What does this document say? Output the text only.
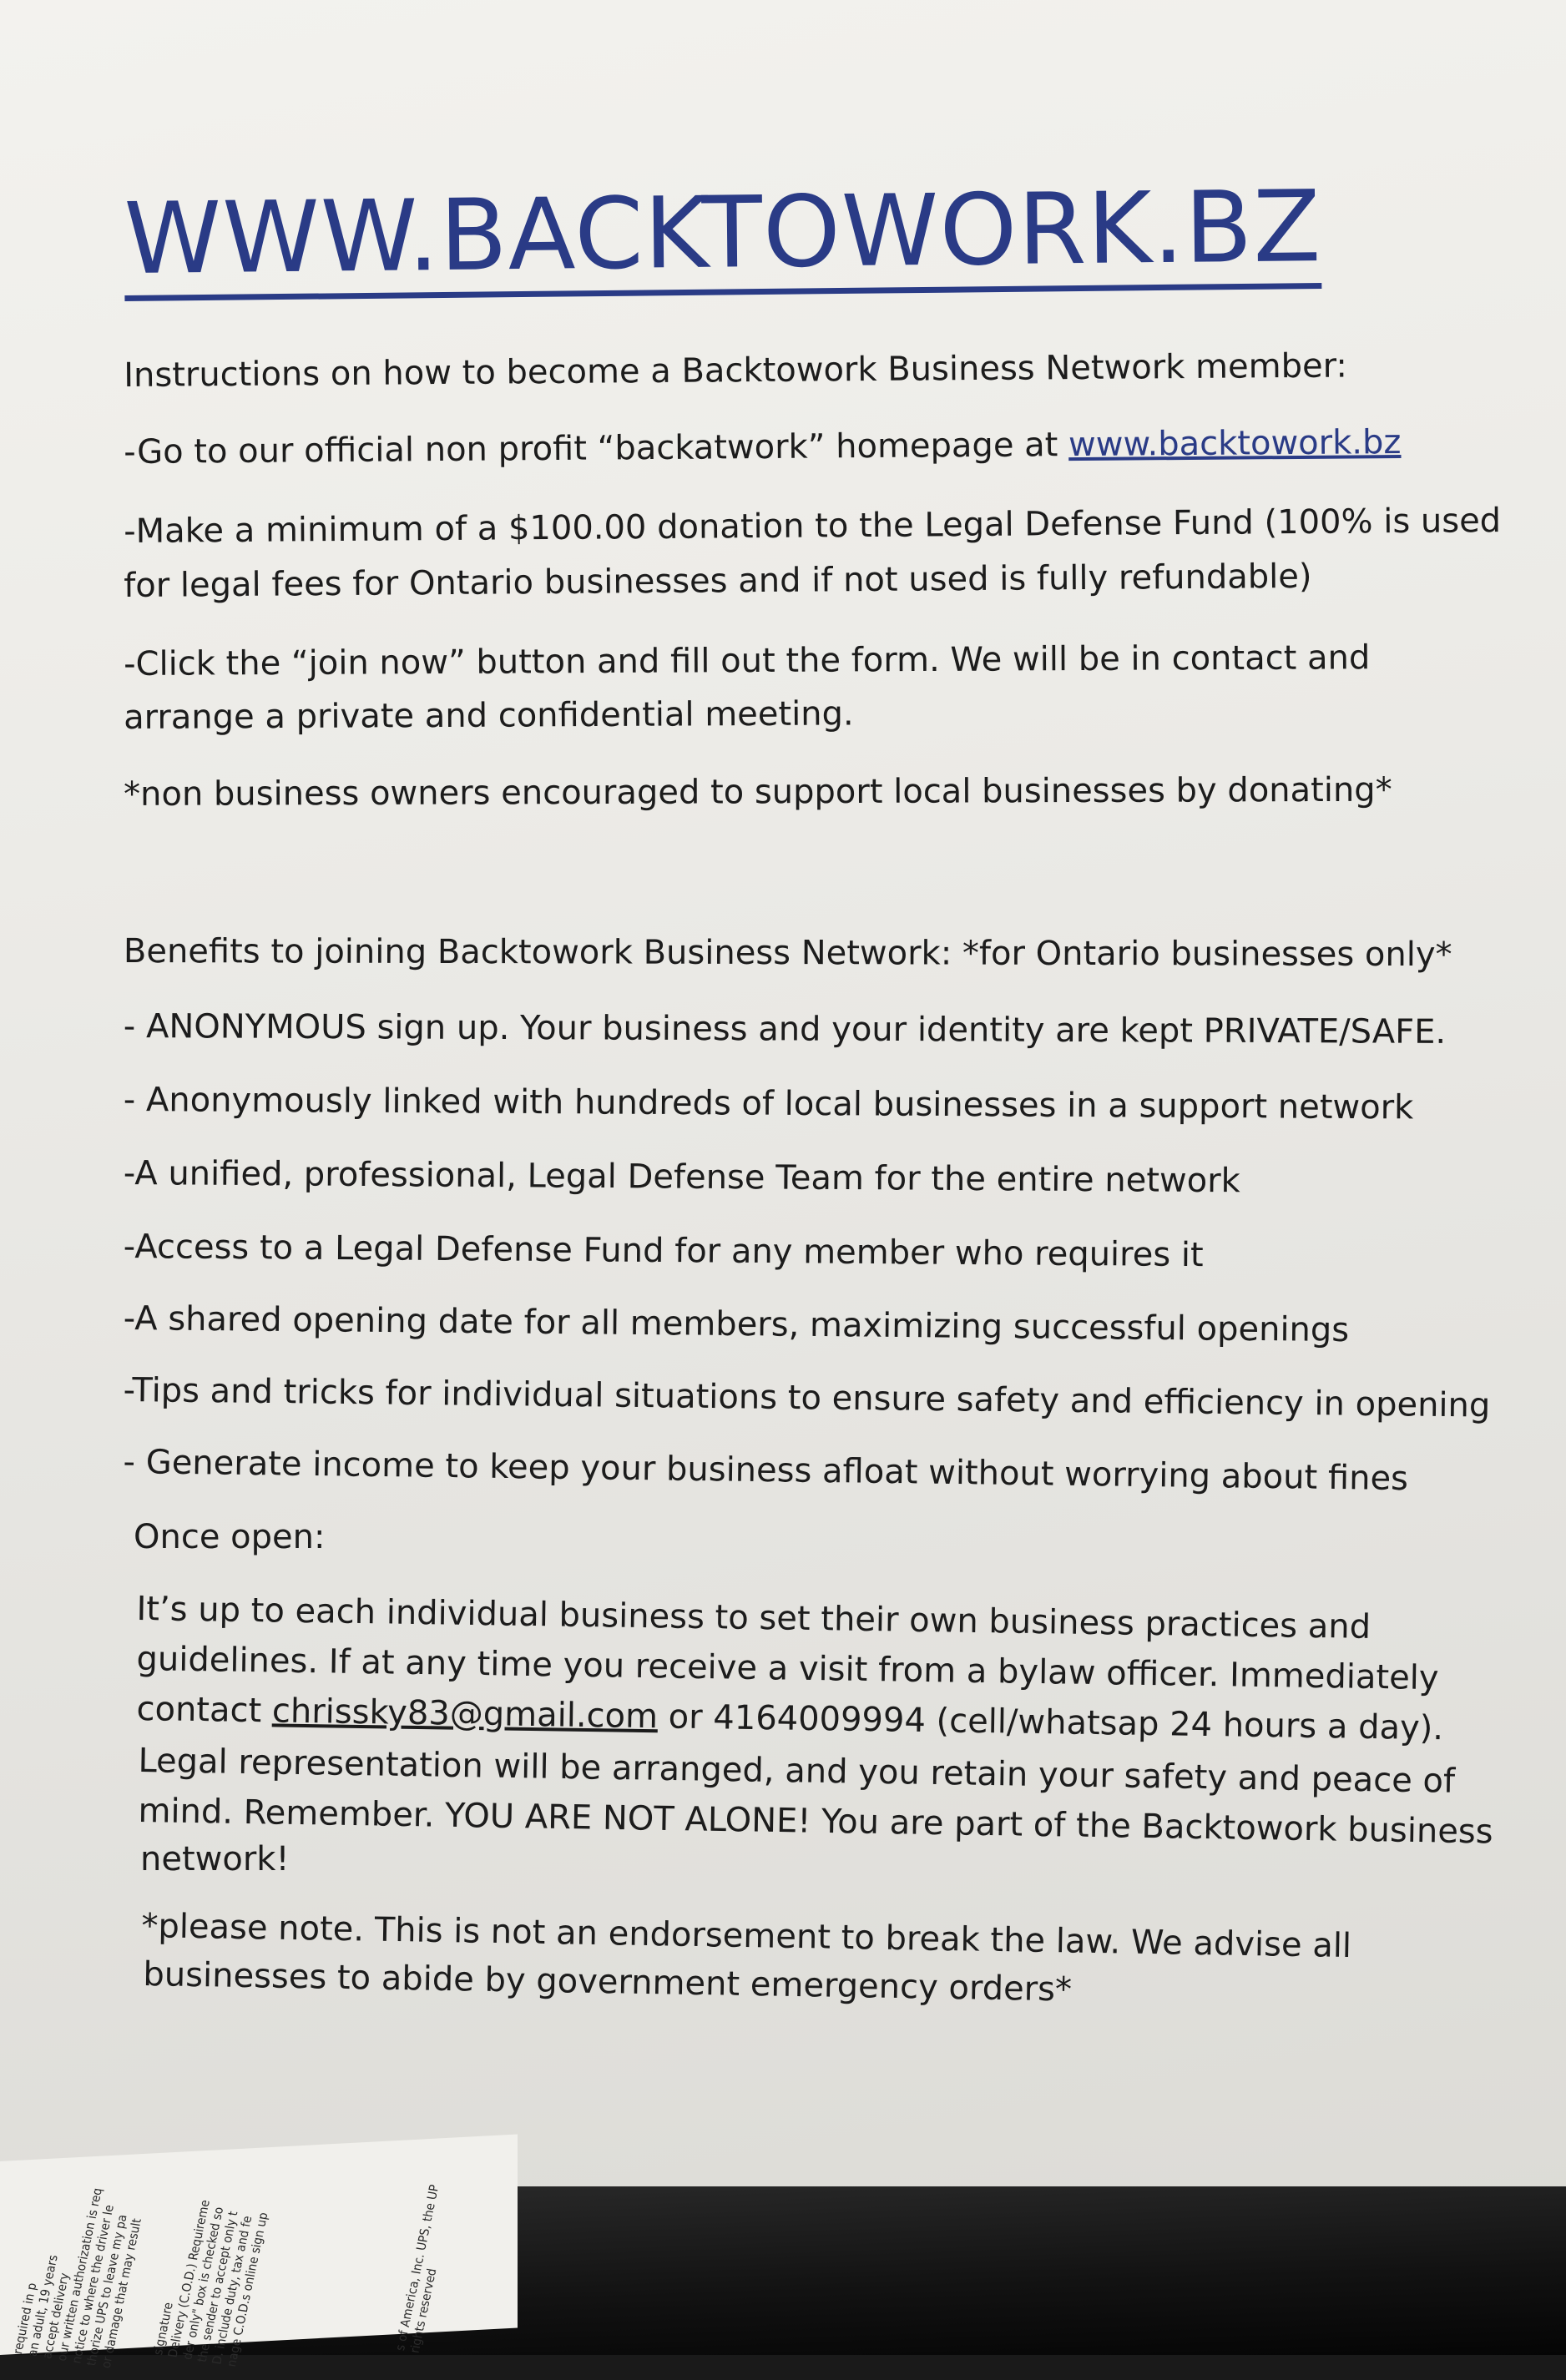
required in p
an adult, 19 years
accept delivery
our written authorization is req
notice to where the driver le
thorize UPS to leave my pa
or damage that may result signature
Delivery (C.O.D.) Requireme
der only" box is checked so
the sender to accept only t
D. include duty, tax and fe
nage C.O.D.s online sign up	s of America, Inc. UPS, the UP
rights reserved
WWW.BACKTOWORK.BZ
Instructions on how to become a Backtowork Business Network member:
-Go to our official non profit “backatwork” homepage at www.backtowork.bz
-Make a minimum of a $100.00 donation to the Legal Defense Fund (100% is used
for legal fees for Ontario businesses and if not used is fully refundable)
-Click the “join now” button and fill out the form. We will be in contact and
arrange a private and confidential meeting.
*non business owners encouraged to support local businesses by donating*
Benefits to joining Backtowork Business Network: *for Ontario businesses only*
- ANONYMOUS sign up. Your business and your identity are kept PRIVATE/SAFE.
- Anonymously linked with hundreds of local businesses in a support network
-A unified, professional, Legal Defense Team for the entire network
-Access to a Legal Defense Fund for any member who requires it
-A shared opening date for all members, maximizing successful openings
-Tips and tricks for individual situations to ensure safety and efficiency in opening
- Generate income to keep your business afloat without worrying about fines
Once open:
It’s up to each individual business to set their own business practices and
guidelines. If at any time you receive a visit from a bylaw officer. Immediately
contact chrissky83@gmail.com or 4164009994 (cell/whatsap 24 hours a day).
Legal representation will be arranged, and you retain your safety and peace of
mind. Remember. YOU ARE NOT ALONE! You are part of the Backtowork business
network!
*please note. This is not an endorsement to break the law. We advise all
businesses to abide by government emergency orders*
